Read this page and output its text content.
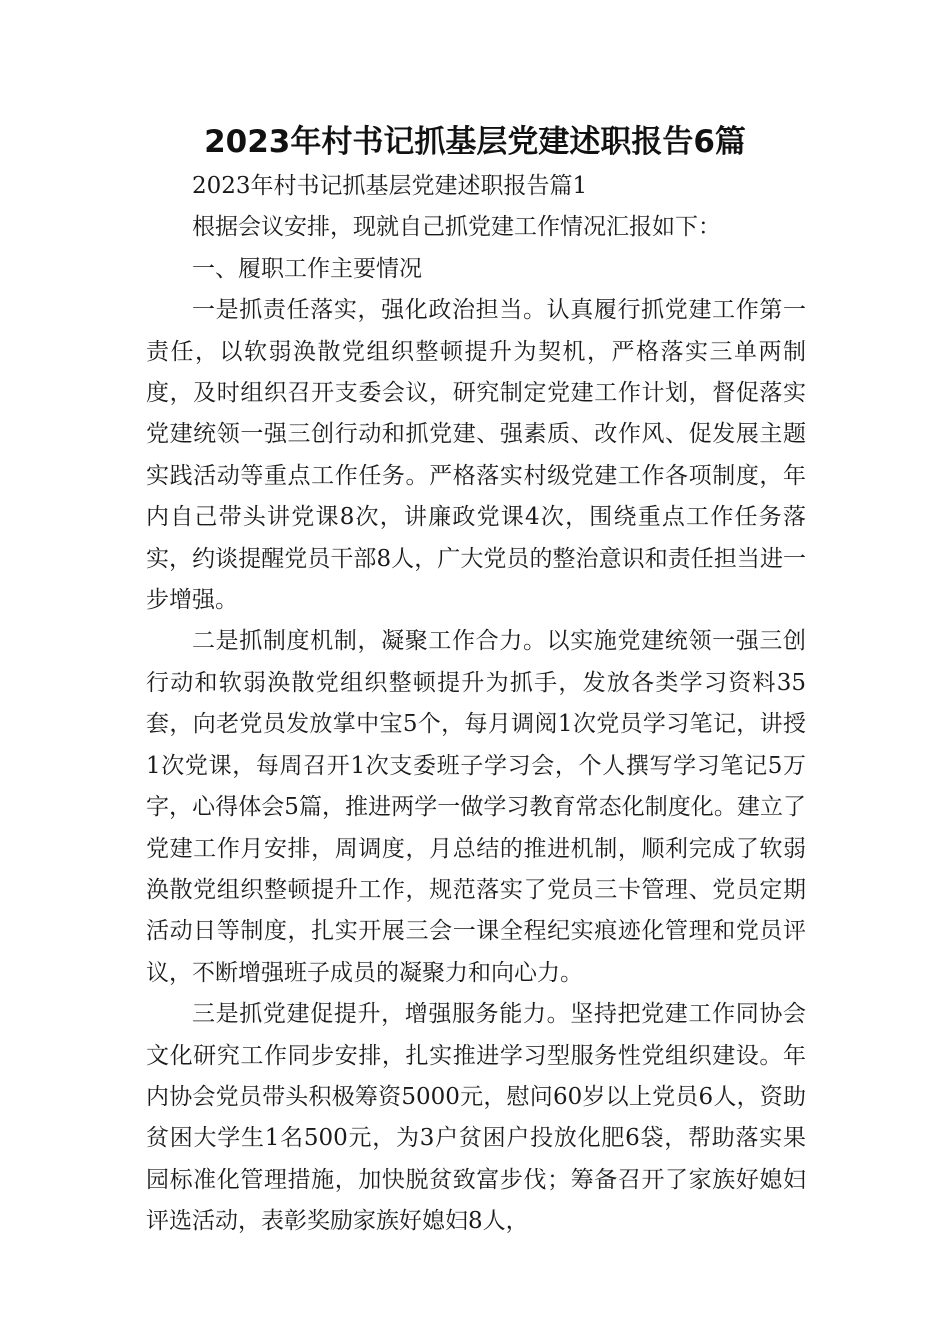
2023年村书记抓基层党建述职报告6篇

2023年村书记抓基层党建述职报告篇1

根据会议安排，现就自己抓党建工作情况汇报如下：

一、履职工作主要情况

一是抓责任落实，强化政治担当。认真履行抓党建工作第一责任，以软弱涣散党组织整顿提升为契机，严格落实三单两制度，及时组织召开支委会议，研究制定党建工作计划，督促落实党建统领一强三创行动和抓党建、强素质、改作风、促发展主题实践活动等重点工作任务。严格落实村级党建工作各项制度，年内自己带头讲党课8次，讲廉政党课4次，围绕重点工作任务落实，约谈提醒党员干部8人，广大党员的整治意识和责任担当进一步增强。

二是抓制度机制，凝聚工作合力。以实施党建统领一强三创行动和软弱涣散党组织整顿提升为抓手，发放各类学习资料35套，向老党员发放掌中宝5个，每月调阅1次党员学习笔记，讲授1次党课，每周召开1次支委班子学习会，个人撰写学习笔记5万字，心得体会5篇，推进两学一做学习教育常态化制度化。建立了党建工作月安排，周调度，月总结的推进机制，顺利完成了软弱涣散党组织整顿提升工作，规范落实了党员三卡管理、党员定期活动日等制度，扎实开展三会一课全程纪实痕迹化管理和党员评议，不断增强班子成员的凝聚力和向心力。

三是抓党建促提升，增强服务能力。坚持把党建工作同协会文化研究工作同步安排，扎实推进学习型服务性党组织建设。年内协会党员带头积极筹资5000元，慰问60岁以上党员6人，资助贫困大学生1名500元，为3户贫困户投放化肥6袋，帮助落实果园标准化管理措施，加快脱贫致富步伐；筹备召开了家族好媳妇评选活动，表彰奖励家族好媳妇8人，
